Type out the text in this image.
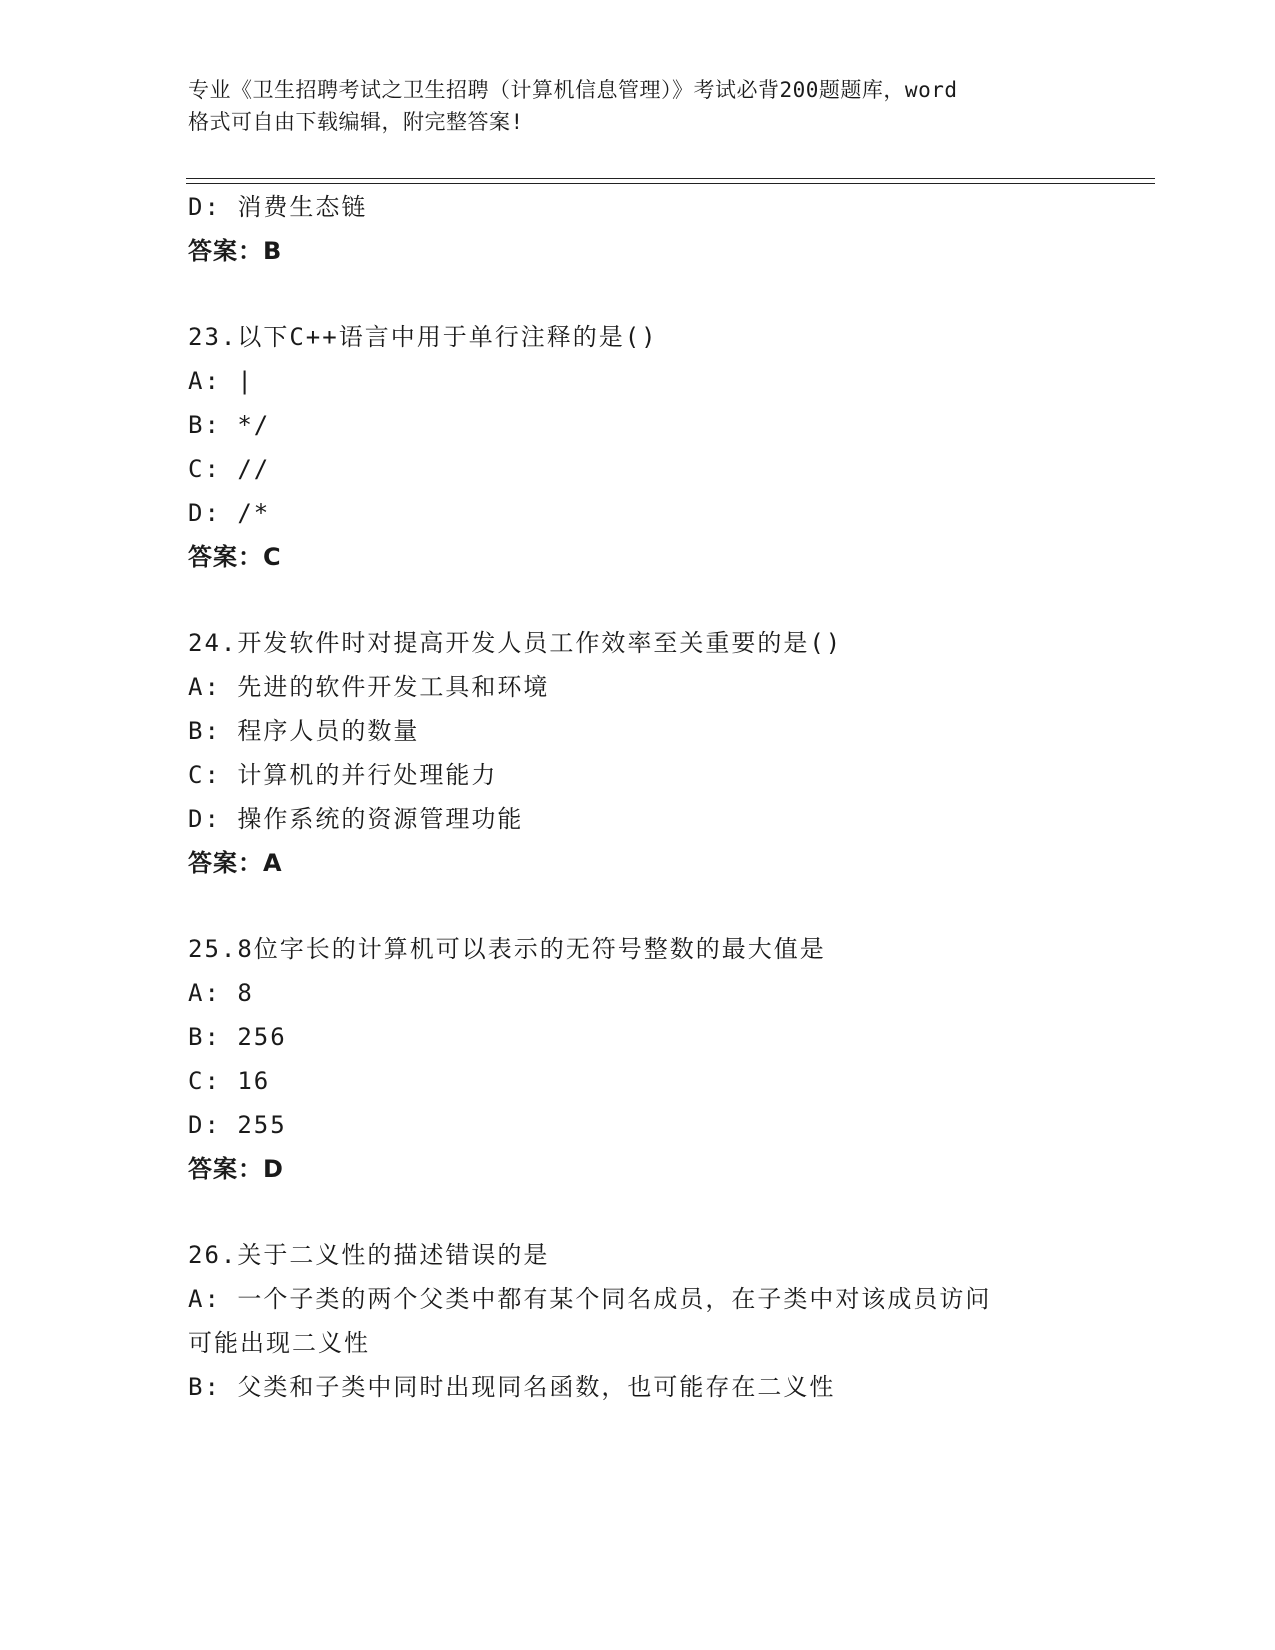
专业《卫生招聘考试之卫生招聘（计算机信息管理）》考试必背200题题库，word
格式可自由下载编辑，附完整答案!
D: 消费生态链
答案：B
23.以下C++语言中用于单行注释的是()
A: |
B: */
C: //
D: /*
答案：C
24.开发软件时对提高开发人员工作效率至关重要的是()
A: 先进的软件开发工具和环境
B: 程序人员的数量
C: 计算机的并行处理能力
D: 操作系统的资源管理功能
答案：A
25.8位字长的计算机可以表示的无符号整数的最大值是
A: 8
B: 256
C: 16
D: 255
答案：D
26.关于二义性的描述错误的是
A: 一个子类的两个父类中都有某个同名成员，在子类中对该成员访问
可能出现二义性
B: 父类和子类中同时出现同名函数，也可能存在二义性
